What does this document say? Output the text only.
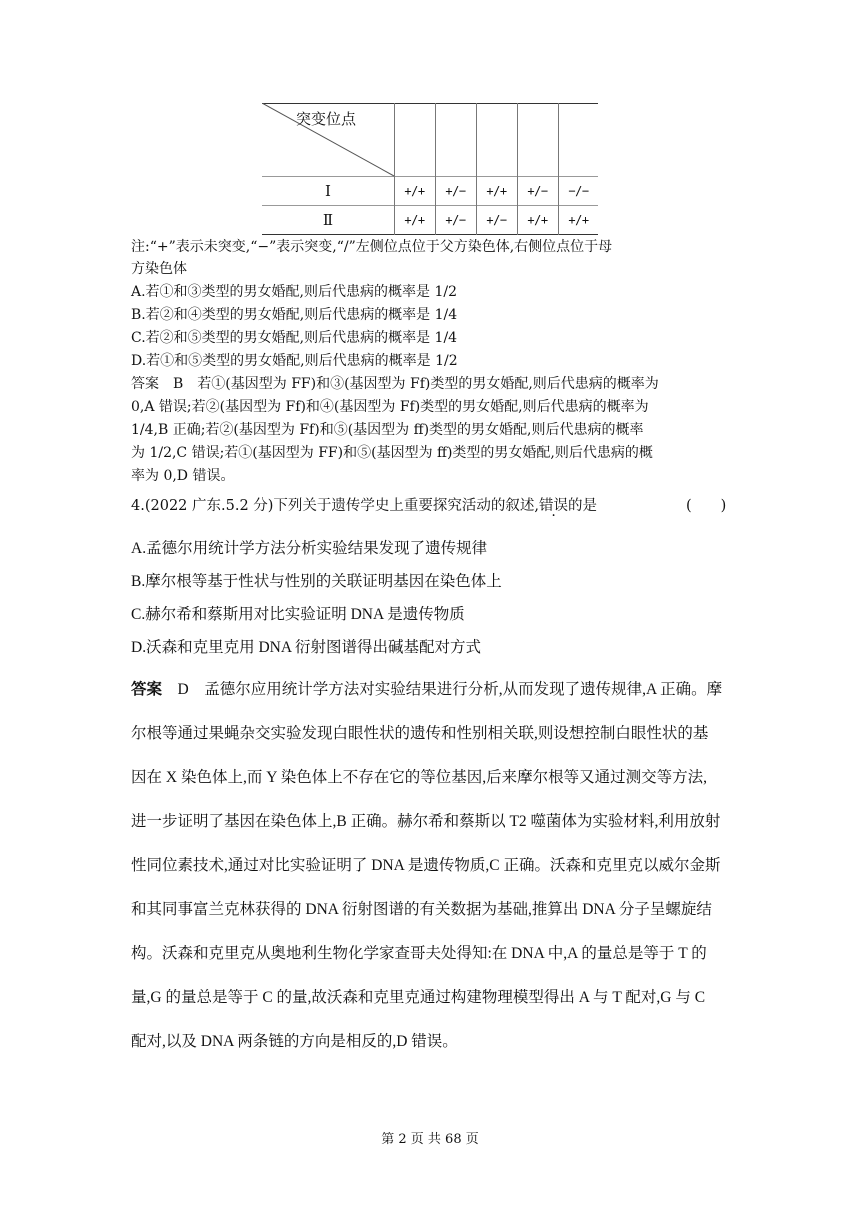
突变位点
Ⅰ	+/+	+/−	+/+	+/−	−/−
Ⅱ	+/+	+/−	+/−	+/+	+/+
注:“+”表示未突变,“−”表示突变,“/”左侧位点位于父方染色体,右侧位点位于母
方染色体
A.若①和③类型的男女婚配,则后代患病的概率是 1/2
B.若②和④类型的男女婚配,则后代患病的概率是 1/4
C.若②和⑤类型的男女婚配,则后代患病的概率是 1/4
D.若①和⑤类型的男女婚配,则后代患病的概率是 1/2
答案　B　若①(基因型为 FF)和③(基因型为 Ff)类型的男女婚配,则后代患病的概率为
0,A 错误;若②(基因型为 Ff)和④(基因型为 Ff)类型的男女婚配,则后代患病的概率为
1/4,B 正确;若②(基因型为 Ff)和⑤(基因型为 ff)类型的男女婚配,则后代患病的概率
为 1/2,C 错误;若①(基因型为 FF)和⑤(基因型为 ff)类型的男女婚配,则后代患病的概
率为 0,D 错误。
4.(2022 广东.5.2 分)下列关于遗传学史上重要探究活动的叙述,错误的是	(　　)
A.孟德尔用统计学方法分析实验结果发现了遗传规律
B.摩尔根等基于性状与性别的关联证明基因在染色体上
C.赫尔希和蔡斯用对比实验证明 DNA 是遗传物质
D.沃森和克里克用 DNA 衍射图谱得出碱基配对方式
答案　D　孟德尔应用统计学方法对实验结果进行分析,从而发现了遗传规律,A 正确。摩
尔根等通过果蝇杂交实验发现白眼性状的遗传和性别相关联,则设想控制白眼性状的基
因在 X 染色体上,而 Y 染色体上不存在它的等位基因,后来摩尔根等又通过测交等方法,
进一步证明了基因在染色体上,B 正确。赫尔希和蔡斯以 T2 噬菌体为实验材料,利用放射
性同位素技术,通过对比实验证明了 DNA 是遗传物质,C 正确。沃森和克里克以威尔金斯
和其同事富兰克林获得的 DNA 衍射图谱的有关数据为基础,推算出 DNA 分子呈螺旋结
构。沃森和克里克从奥地利生物化学家查哥夫处得知:在 DNA 中,A 的量总是等于 T 的
量,G 的量总是等于 C 的量,故沃森和克里克通过构建物理模型得出 A 与 T 配对,G 与 C
配对,以及 DNA 两条链的方向是相反的,D 错误。
第 2 页 共 68 页
